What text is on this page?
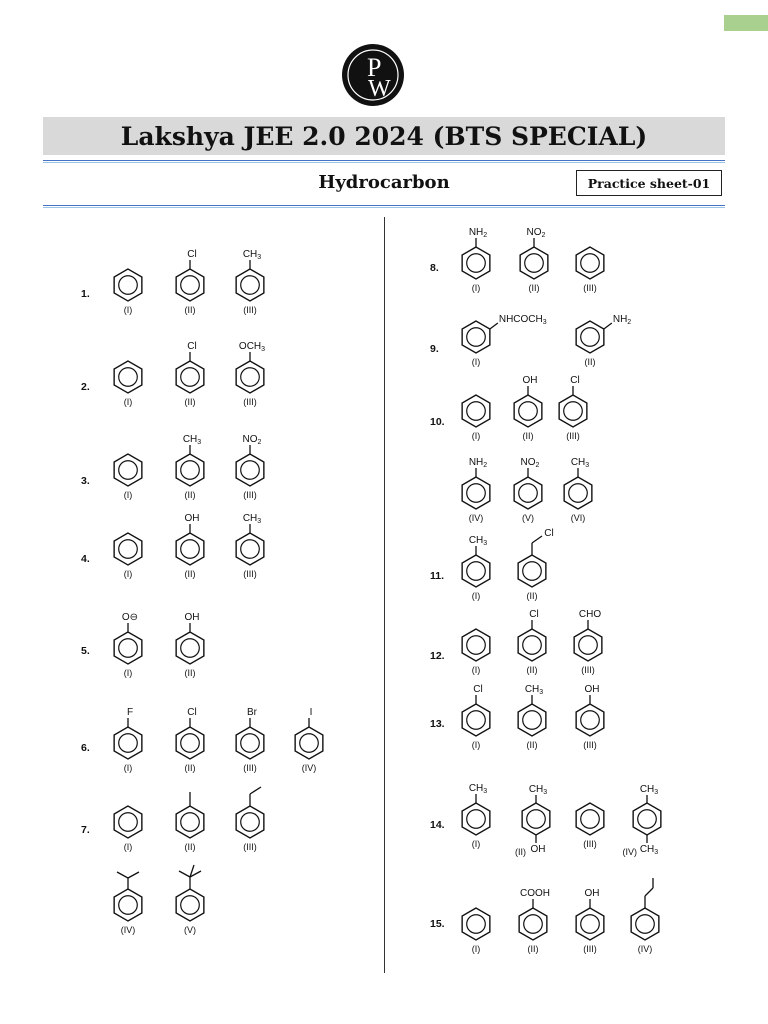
P
W
Lakshya JEE 2.0 2024 (BTS SPECIAL)
Hydrocarbon	Practice sheet-01
1.
2.
3.
4.
5.
6.
7.
8.
9.
10.
11.
12.
13.
14.
15.
(I)
Cl
(II)
$CH_3$
(III)
(I)
Cl
(II)
$OCH_3$
(III)
(I)
$CH_3$
(II)
$NO_2$
(III)
(I)
OH
(II)
$CH_3$
(III)
O⊖
(I)
OH
(II)
F
(I)
Cl
(II)
Br
(III)
I
(IV)
(I)	(II)	(III)
(IV)	(V)
$NH_2$
(I)
$NO_2$
(II)	(III)
$NHCOCH_3$
(I)
$NH_2$
(II)
(I)
OH
(II)
Cl
(III)
$NH_2$
(IV)
$NO_2$
(V)
$CH_3$
(VI)
$CH_3$
(I)
Cl
(II)
(I)
Cl
(II)
CHO
(III)
Cl
(I)
$CH_3$
(II)
OH
(III)
$CH_3$
(I)
$CH_3$
OH
(II)
(III)
$CH_3$
$CH_3$
(IV)
(I)
COOH
(II)
OH
(III)	(IV)
